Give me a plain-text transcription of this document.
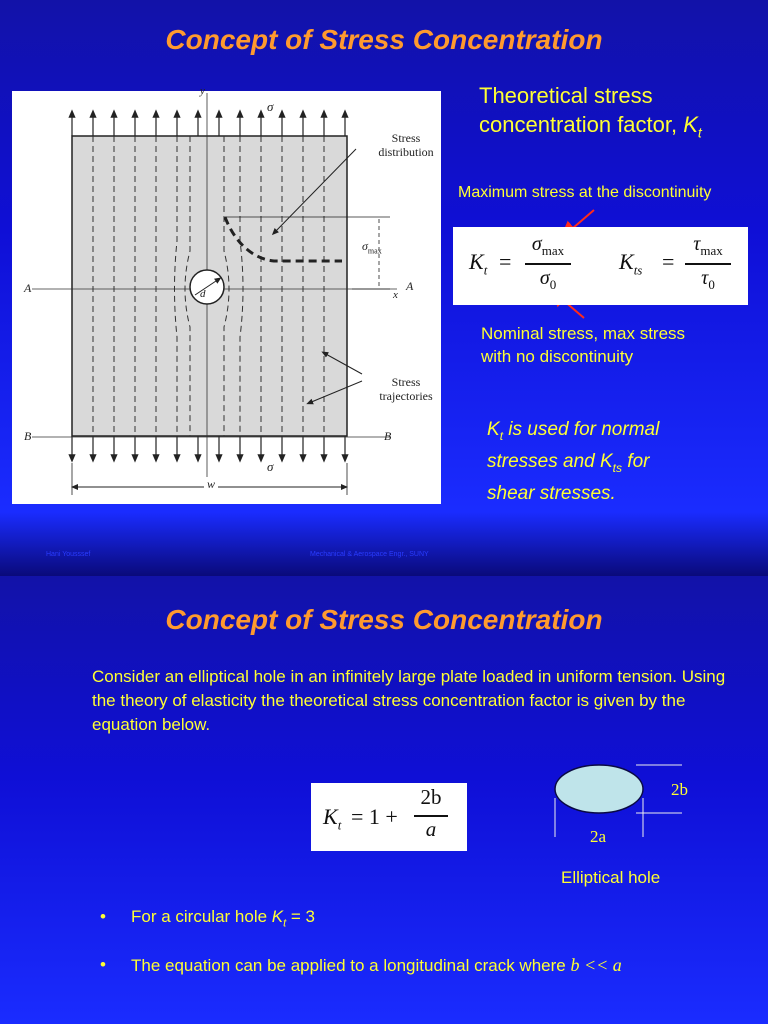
Concept of Stress Concentration
σ
y
Stress
distribution
$\sigma_{max}$
A	A
x
d
Stress
trajectories
B	B
σ
w
Theoretical stress
concentration factor, $K_t$
Maximum stress at the discontinuity
$K_t$ =
$\sigma_{max}$
$\sigma_0$
$K_{ts}$ =
$\tau_{max}$
$\tau_0$
Nominal stress, max stress
with no discontinuity
$K_t$ is used for normal
stresses and $K_{ts}$ for
shear stresses.
Hani Yousssef	Mechanical & Aerospace Engr., SUNY
Concept of Stress Concentration
Consider an elliptical hole in an infinitely large plate loaded in uniform tension. Using the theory of elasticity the theoretical stress concentration factor is given by the equation below.
$K_t = 1$ +
2b
a
2b
2a
Elliptical hole
• For a circular hole $K_t = 3$
• The equation can be applied to a longitudinal crack where b << a
